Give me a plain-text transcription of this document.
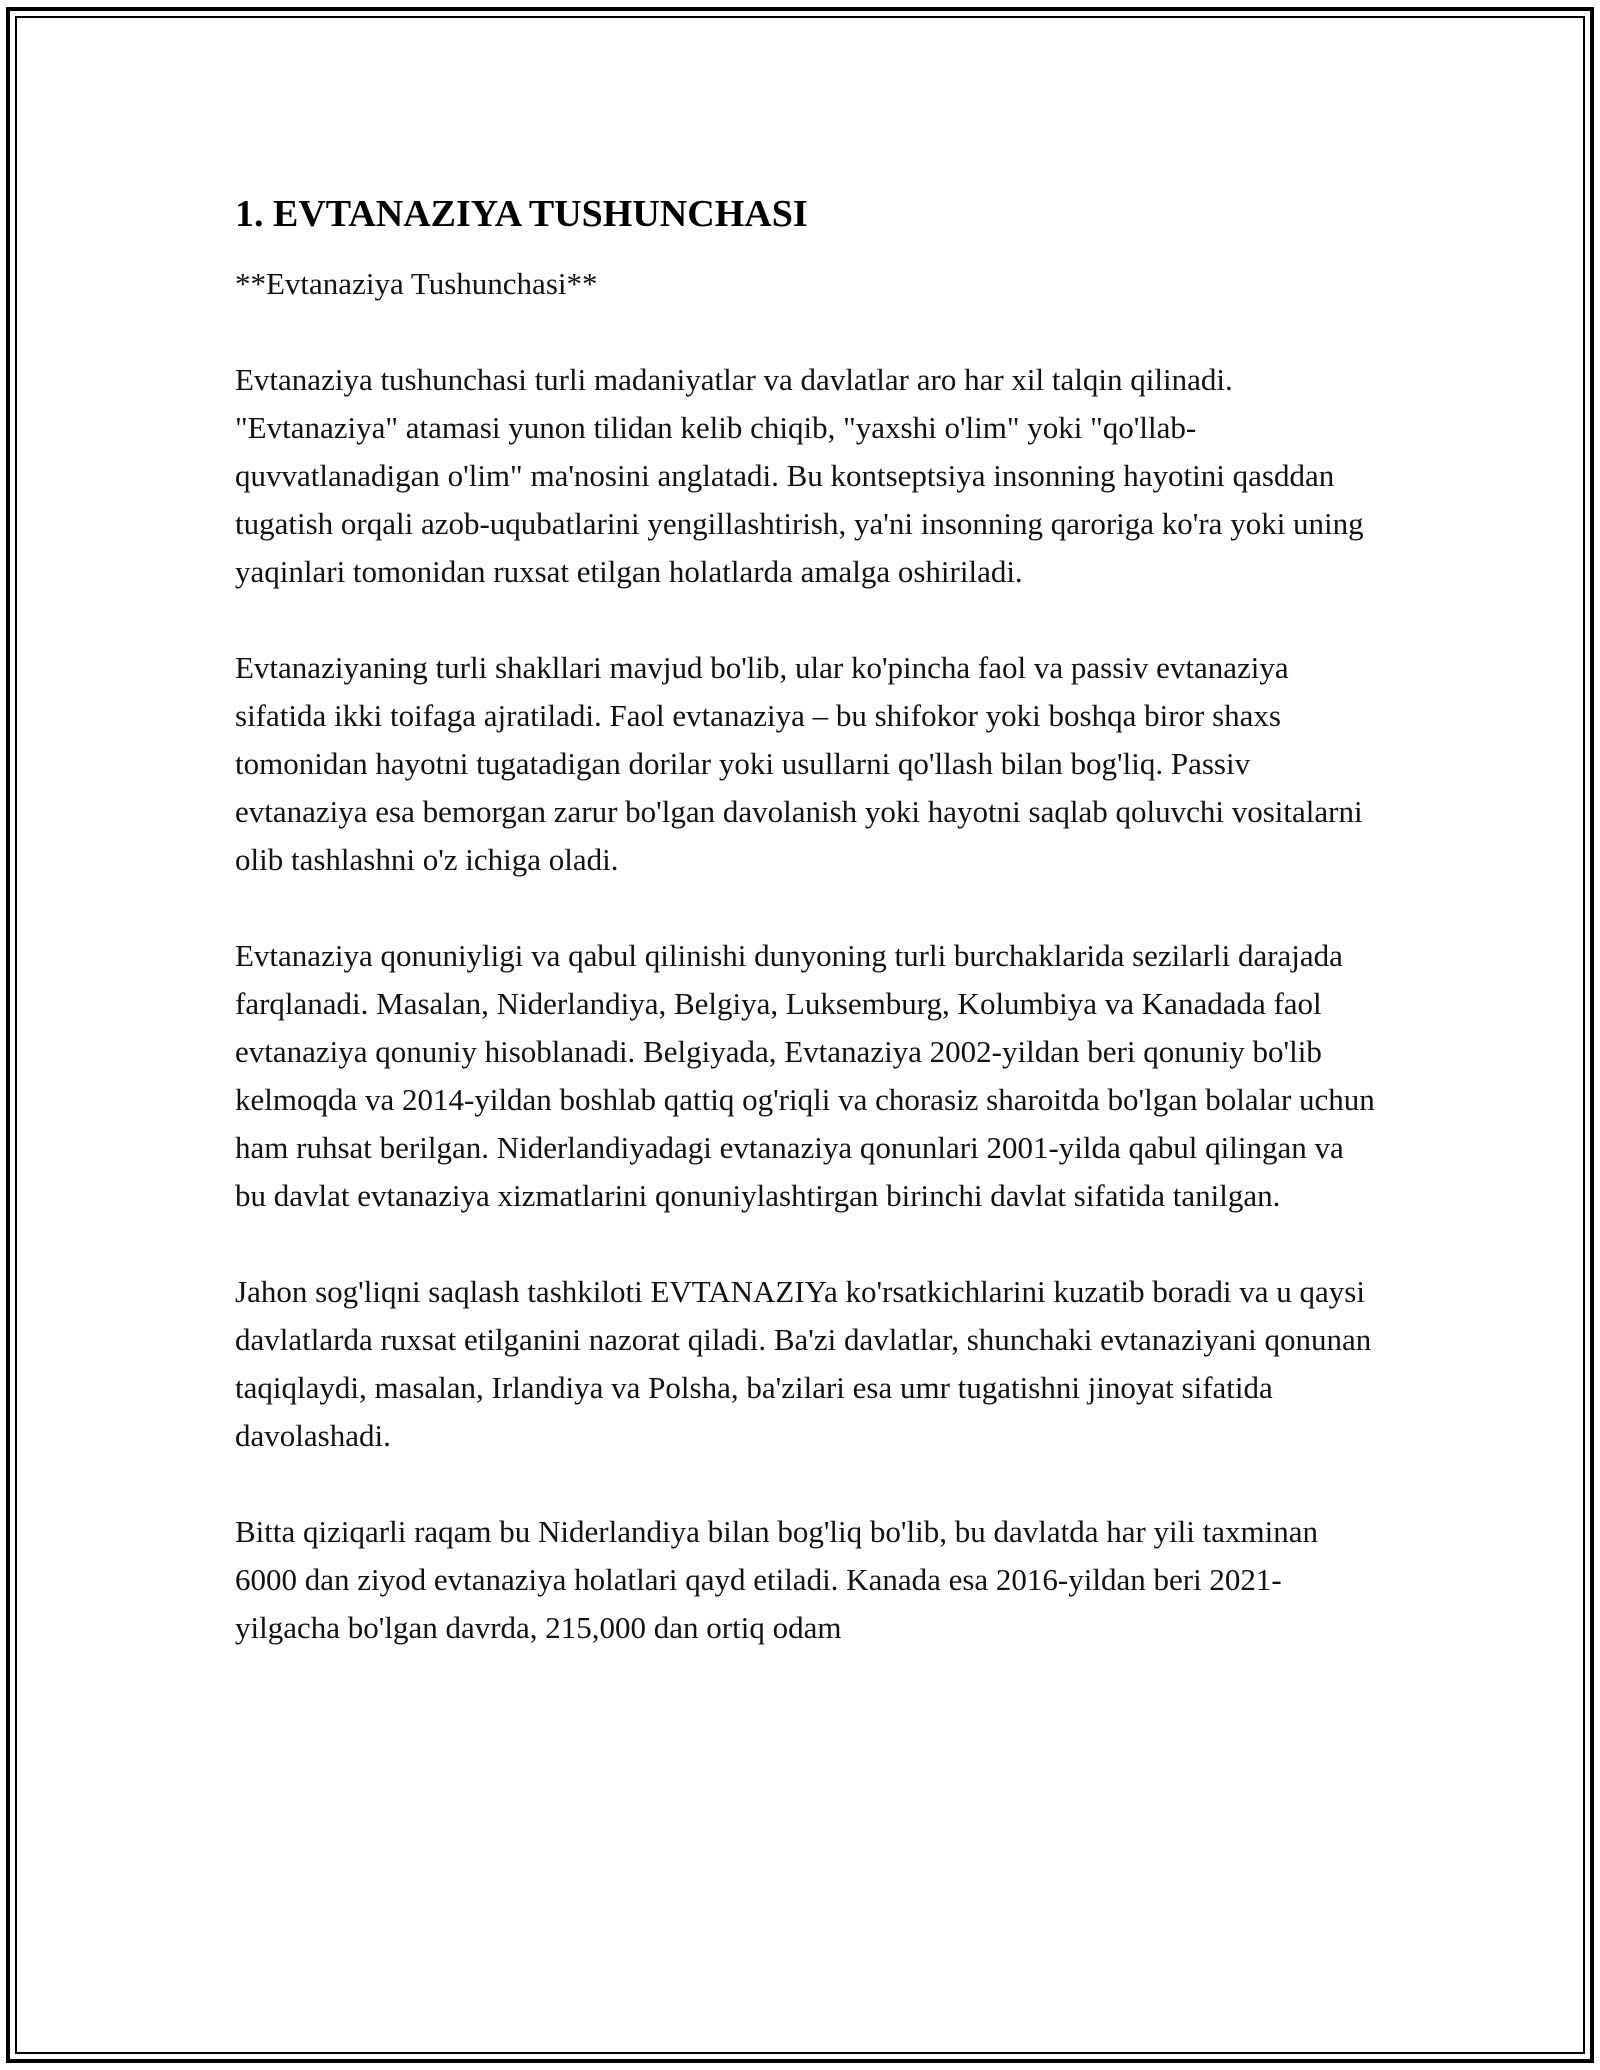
1. EVTANAZIYA TUSHUNCHASI

**Evtanaziya Tushunchasi**

Evtanaziya tushunchasi turli madaniyatlar va davlatlar aro har xil talqin qilinadi. "Evtanaziya" atamasi yunon tilidan kelib chiqib, "yaxshi o'lim" yoki "qo'llab-quvvatlanadigan o'lim" ma'nosini anglatadi. Bu kontseptsiya insonning hayotini qasddan tugatish orqali azob-uqubatlarini yengillashtirish, ya'ni insonning qaroriga ko'ra yoki uning yaqinlari tomonidan ruxsat etilgan holatlarda amalga oshiriladi.

Evtanaziyaning turli shakllari mavjud bo'lib, ular ko'pincha faol va passiv evtanaziya sifatida ikki toifaga ajratiladi. Faol evtanaziya – bu shifokor yoki boshqa biror shaxs tomonidan hayotni tugatadigan dorilar yoki usullarni qo'llash bilan bog'liq. Passiv evtanaziya esa bemorgan zarur bo'lgan davolanish yoki hayotni saqlab qoluvchi vositalarni olib tashlashni o'z ichiga oladi.

Evtanaziya qonuniyligi va qabul qilinishi dunyoning turli burchaklarida sezilarli darajada farqlanadi. Masalan, Niderlandiya, Belgiya, Luksemburg, Kolumbiya va Kanadada faol evtanaziya qonuniy hisoblanadi. Belgiyada, Evtanaziya 2002-yildan beri qonuniy bo'lib kelmoqda va 2014-yildan boshlab qattiq og'riqli va chorasiz sharoitda bo'lgan bolalar uchun ham ruhsat berilgan. Niderlandiyadagi evtanaziya qonunlari 2001-yilda qabul qilingan va bu davlat evtanaziya xizmatlarini qonuniylashtirgan birinchi davlat sifatida tanilgan.

Jahon sog'liqni saqlash tashkiloti EVTANAZIYa ko'rsatkichlarini kuzatib boradi va u qaysi davlatlarda ruxsat etilganini nazorat qiladi. Ba'zi davlatlar, shunchaki evtanaziyani qonunan taqiqlaydi, masalan, Irlandiya va Polsha, ba'zilari esa umr tugatishni jinoyat sifatida davolashadi.

Bitta qiziqarli raqam bu Niderlandiya bilan bog'liq bo'lib, bu davlatda har yili taxminan 6000 dan ziyod evtanaziya holatlari qayd etiladi. Kanada esa 2016-yildan beri 2021-yilgacha bo'lgan davrda, 215,000 dan ortiq odam
